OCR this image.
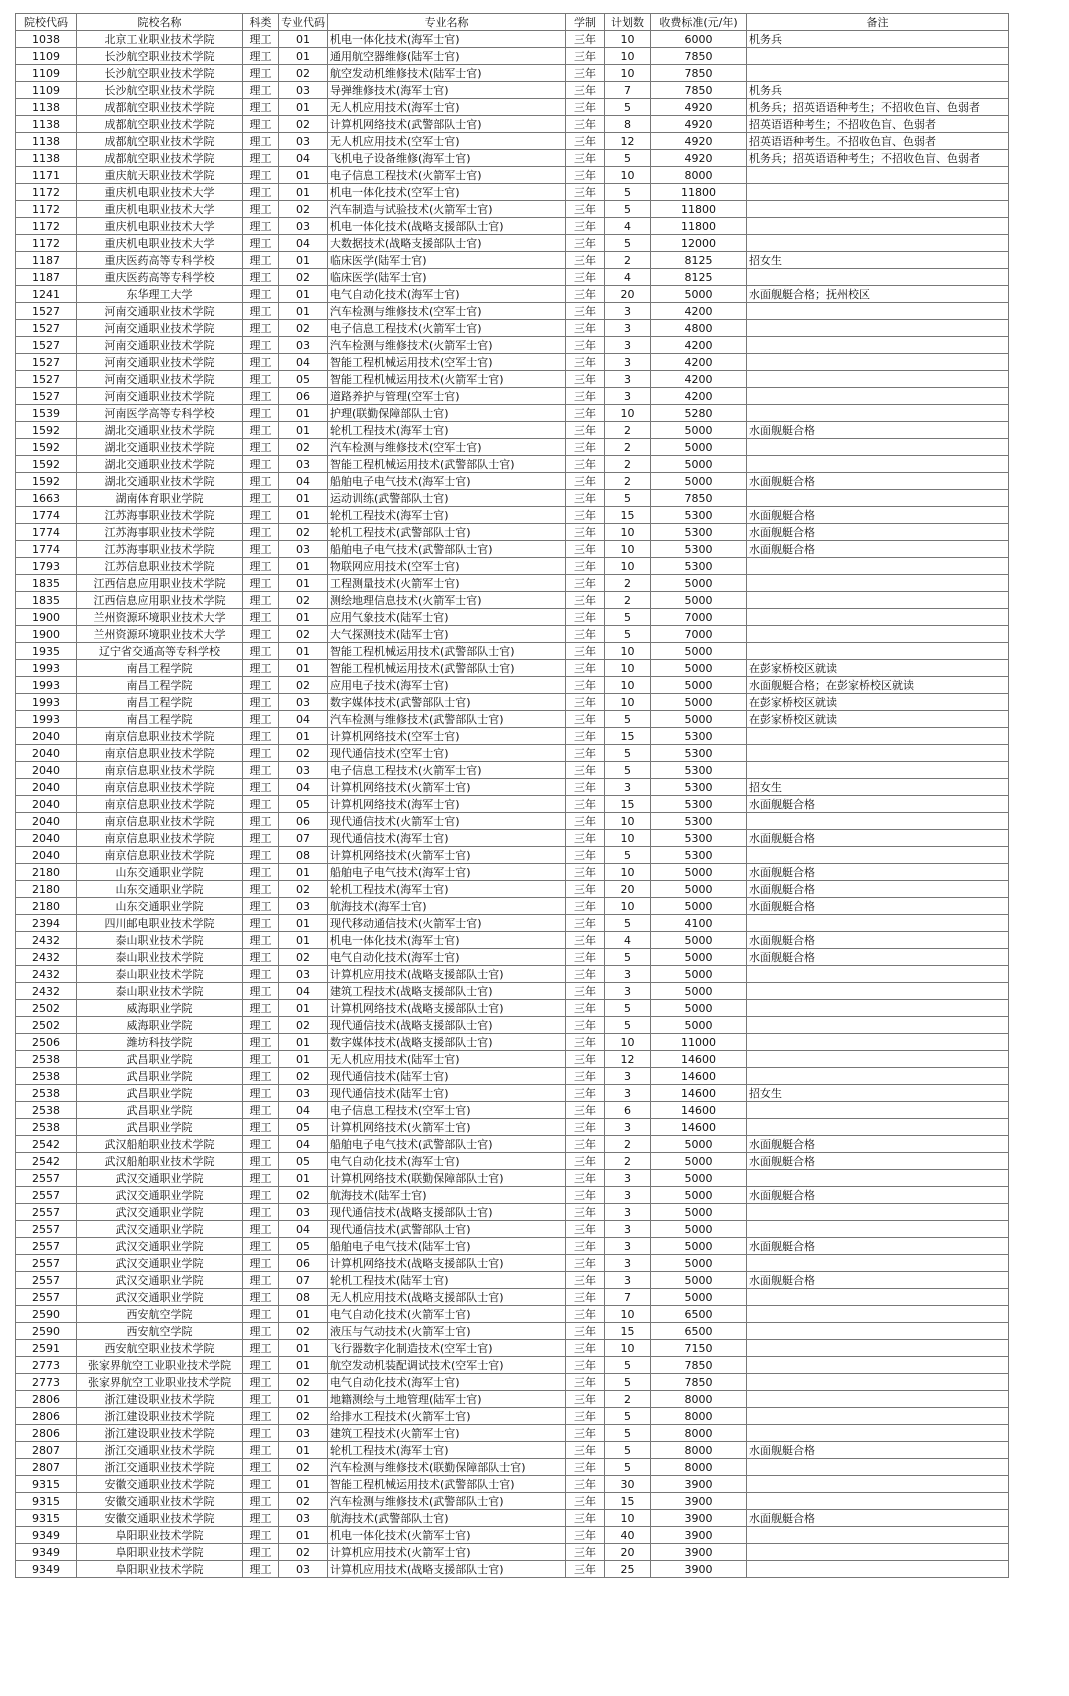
院校代码	院校名称	科类	专业代码	专业名称	学制	计划数	收费标准(元/年)	备注
1038	北京工业职业技术学院	理工	01	机电一体化技术(海军士官)	三年	10	6000	机务兵
1109	长沙航空职业技术学院	理工	01	通用航空器维修(陆军士官)	三年	10	7850	
1109	长沙航空职业技术学院	理工	02	航空发动机维修技术(陆军士官)	三年	10	7850	
1109	长沙航空职业技术学院	理工	03	导弹维修技术(海军士官)	三年	7	7850	机务兵
1138	成都航空职业技术学院	理工	01	无人机应用技术(海军士官)	三年	5	4920	机务兵；招英语语种考生；不招收色盲、色弱者
1138	成都航空职业技术学院	理工	02	计算机网络技术(武警部队士官)	三年	8	4920	招英语语种考生；不招收色盲、色弱者
1138	成都航空职业技术学院	理工	03	无人机应用技术(空军士官)	三年	12	4920	招英语语种考生。不招收色盲、色弱者
1138	成都航空职业技术学院	理工	04	飞机电子设备维修(海军士官)	三年	5	4920	机务兵；招英语语种考生；不招收色盲、色弱者
1171	重庆航天职业技术学院	理工	01	电子信息工程技术(火箭军士官)	三年	10	8000	
1172	重庆机电职业技术大学	理工	01	机电一体化技术(空军士官)	三年	5	11800	
1172	重庆机电职业技术大学	理工	02	汽车制造与试验技术(火箭军士官)	三年	5	11800	
1172	重庆机电职业技术大学	理工	03	机电一体化技术(战略支援部队士官)	三年	4	11800	
1172	重庆机电职业技术大学	理工	04	大数据技术(战略支援部队士官)	三年	5	12000	
1187	重庆医药高等专科学校	理工	01	临床医学(陆军士官)	三年	2	8125	招女生
1187	重庆医药高等专科学校	理工	02	临床医学(陆军士官)	三年	4	8125	
1241	东华理工大学	理工	01	电气自动化技术(海军士官)	三年	20	5000	水面舰艇合格；抚州校区
1527	河南交通职业技术学院	理工	01	汽车检测与维修技术(空军士官)	三年	3	4200	
1527	河南交通职业技术学院	理工	02	电子信息工程技术(火箭军士官)	三年	3	4800	
1527	河南交通职业技术学院	理工	03	汽车检测与维修技术(火箭军士官)	三年	3	4200	
1527	河南交通职业技术学院	理工	04	智能工程机械运用技术(空军士官)	三年	3	4200	
1527	河南交通职业技术学院	理工	05	智能工程机械运用技术(火箭军士官)	三年	3	4200	
1527	河南交通职业技术学院	理工	06	道路养护与管理(空军士官)	三年	3	4200	
1539	河南医学高等专科学校	理工	01	护理(联勤保障部队士官)	三年	10	5280	
1592	湖北交通职业技术学院	理工	01	轮机工程技术(海军士官)	三年	2	5000	水面舰艇合格
1592	湖北交通职业技术学院	理工	02	汽车检测与维修技术(空军士官)	三年	2	5000	
1592	湖北交通职业技术学院	理工	03	智能工程机械运用技术(武警部队士官)	三年	2	5000	
1592	湖北交通职业技术学院	理工	04	船舶电子电气技术(海军士官)	三年	2	5000	水面舰艇合格
1663	湖南体育职业学院	理工	01	运动训练(武警部队士官)	三年	5	7850	
1774	江苏海事职业技术学院	理工	01	轮机工程技术(海军士官)	三年	15	5300	水面舰艇合格
1774	江苏海事职业技术学院	理工	02	轮机工程技术(武警部队士官)	三年	10	5300	水面舰艇合格
1774	江苏海事职业技术学院	理工	03	船舶电子电气技术(武警部队士官)	三年	10	5300	水面舰艇合格
1793	江苏信息职业技术学院	理工	01	物联网应用技术(空军士官)	三年	10	5300	
1835	江西信息应用职业技术学院	理工	01	工程测量技术(火箭军士官)	三年	2	5000	
1835	江西信息应用职业技术学院	理工	02	测绘地理信息技术(火箭军士官)	三年	2	5000	
1900	兰州资源环境职业技术大学	理工	01	应用气象技术(陆军士官)	三年	5	7000	
1900	兰州资源环境职业技术大学	理工	02	大气探测技术(陆军士官)	三年	5	7000	
1935	辽宁省交通高等专科学校	理工	01	智能工程机械运用技术(武警部队士官)	三年	10	5000	
1993	南昌工程学院	理工	01	智能工程机械运用技术(武警部队士官)	三年	10	5000	在彭家桥校区就读
1993	南昌工程学院	理工	02	应用电子技术(海军士官)	三年	10	5000	水面舰艇合格；在彭家桥校区就读
1993	南昌工程学院	理工	03	数字媒体技术(武警部队士官)	三年	10	5000	在彭家桥校区就读
1993	南昌工程学院	理工	04	汽车检测与维修技术(武警部队士官)	三年	5	5000	在彭家桥校区就读
2040	南京信息职业技术学院	理工	01	计算机网络技术(空军士官)	三年	15	5300	
2040	南京信息职业技术学院	理工	02	现代通信技术(空军士官)	三年	5	5300	
2040	南京信息职业技术学院	理工	03	电子信息工程技术(火箭军士官)	三年	5	5300	
2040	南京信息职业技术学院	理工	04	计算机网络技术(火箭军士官)	三年	3	5300	招女生
2040	南京信息职业技术学院	理工	05	计算机网络技术(海军士官)	三年	15	5300	水面舰艇合格
2040	南京信息职业技术学院	理工	06	现代通信技术(火箭军士官)	三年	10	5300	
2040	南京信息职业技术学院	理工	07	现代通信技术(海军士官)	三年	10	5300	水面舰艇合格
2040	南京信息职业技术学院	理工	08	计算机网络技术(火箭军士官)	三年	5	5300	
2180	山东交通职业学院	理工	01	船舶电子电气技术(海军士官)	三年	10	5000	水面舰艇合格
2180	山东交通职业学院	理工	02	轮机工程技术(海军士官)	三年	20	5000	水面舰艇合格
2180	山东交通职业学院	理工	03	航海技术(海军士官)	三年	10	5000	水面舰艇合格
2394	四川邮电职业技术学院	理工	01	现代移动通信技术(火箭军士官)	三年	5	4100	
2432	泰山职业技术学院	理工	01	机电一体化技术(海军士官)	三年	4	5000	水面舰艇合格
2432	泰山职业技术学院	理工	02	电气自动化技术(海军士官)	三年	5	5000	水面舰艇合格
2432	泰山职业技术学院	理工	03	计算机应用技术(战略支援部队士官)	三年	3	5000	
2432	泰山职业技术学院	理工	04	建筑工程技术(战略支援部队士官)	三年	3	5000	
2502	威海职业学院	理工	01	计算机网络技术(战略支援部队士官)	三年	5	5000	
2502	威海职业学院	理工	02	现代通信技术(战略支援部队士官)	三年	5	5000	
2506	潍坊科技学院	理工	01	数字媒体技术(战略支援部队士官)	三年	10	11000	
2538	武昌职业学院	理工	01	无人机应用技术(陆军士官)	三年	12	14600	
2538	武昌职业学院	理工	02	现代通信技术(陆军士官)	三年	3	14600	
2538	武昌职业学院	理工	03	现代通信技术(陆军士官)	三年	3	14600	招女生
2538	武昌职业学院	理工	04	电子信息工程技术(空军士官)	三年	6	14600	
2538	武昌职业学院	理工	05	计算机网络技术(火箭军士官)	三年	3	14600	
2542	武汉船舶职业技术学院	理工	04	船舶电子电气技术(武警部队士官)	三年	2	5000	水面舰艇合格
2542	武汉船舶职业技术学院	理工	05	电气自动化技术(海军士官)	三年	2	5000	水面舰艇合格
2557	武汉交通职业学院	理工	01	计算机网络技术(联勤保障部队士官)	三年	3	5000	
2557	武汉交通职业学院	理工	02	航海技术(陆军士官)	三年	3	5000	水面舰艇合格
2557	武汉交通职业学院	理工	03	现代通信技术(战略支援部队士官)	三年	3	5000	
2557	武汉交通职业学院	理工	04	现代通信技术(武警部队士官)	三年	3	5000	
2557	武汉交通职业学院	理工	05	船舶电子电气技术(陆军士官)	三年	3	5000	水面舰艇合格
2557	武汉交通职业学院	理工	06	计算机网络技术(战略支援部队士官)	三年	3	5000	
2557	武汉交通职业学院	理工	07	轮机工程技术(陆军士官)	三年	3	5000	水面舰艇合格
2557	武汉交通职业学院	理工	08	无人机应用技术(战略支援部队士官)	三年	7	5000	
2590	西安航空学院	理工	01	电气自动化技术(火箭军士官)	三年	10	6500	
2590	西安航空学院	理工	02	液压与气动技术(火箭军士官)	三年	15	6500	
2591	西安航空职业技术学院	理工	01	飞行器数字化制造技术(空军士官)	三年	10	7150	
2773	张家界航空工业职业技术学院	理工	01	航空发动机装配调试技术(空军士官)	三年	5	7850	
2773	张家界航空工业职业技术学院	理工	02	电气自动化技术(海军士官)	三年	5	7850	
2806	浙江建设职业技术学院	理工	01	地籍测绘与土地管理(陆军士官)	三年	2	8000	
2806	浙江建设职业技术学院	理工	02	给排水工程技术(火箭军士官)	三年	5	8000	
2806	浙江建设职业技术学院	理工	03	建筑工程技术(火箭军士官)	三年	5	8000	
2807	浙江交通职业技术学院	理工	01	轮机工程技术(海军士官)	三年	5	8000	水面舰艇合格
2807	浙江交通职业技术学院	理工	02	汽车检测与维修技术(联勤保障部队士官)	三年	5	8000	
9315	安徽交通职业技术学院	理工	01	智能工程机械运用技术(武警部队士官)	三年	30	3900	
9315	安徽交通职业技术学院	理工	02	汽车检测与维修技术(武警部队士官)	三年	15	3900	
9315	安徽交通职业技术学院	理工	03	航海技术(武警部队士官)	三年	10	3900	水面舰艇合格
9349	阜阳职业技术学院	理工	01	机电一体化技术(火箭军士官)	三年	40	3900	
9349	阜阳职业技术学院	理工	02	计算机应用技术(火箭军士官)	三年	20	3900	
9349	阜阳职业技术学院	理工	03	计算机应用技术(战略支援部队士官)	三年	25	3900	
